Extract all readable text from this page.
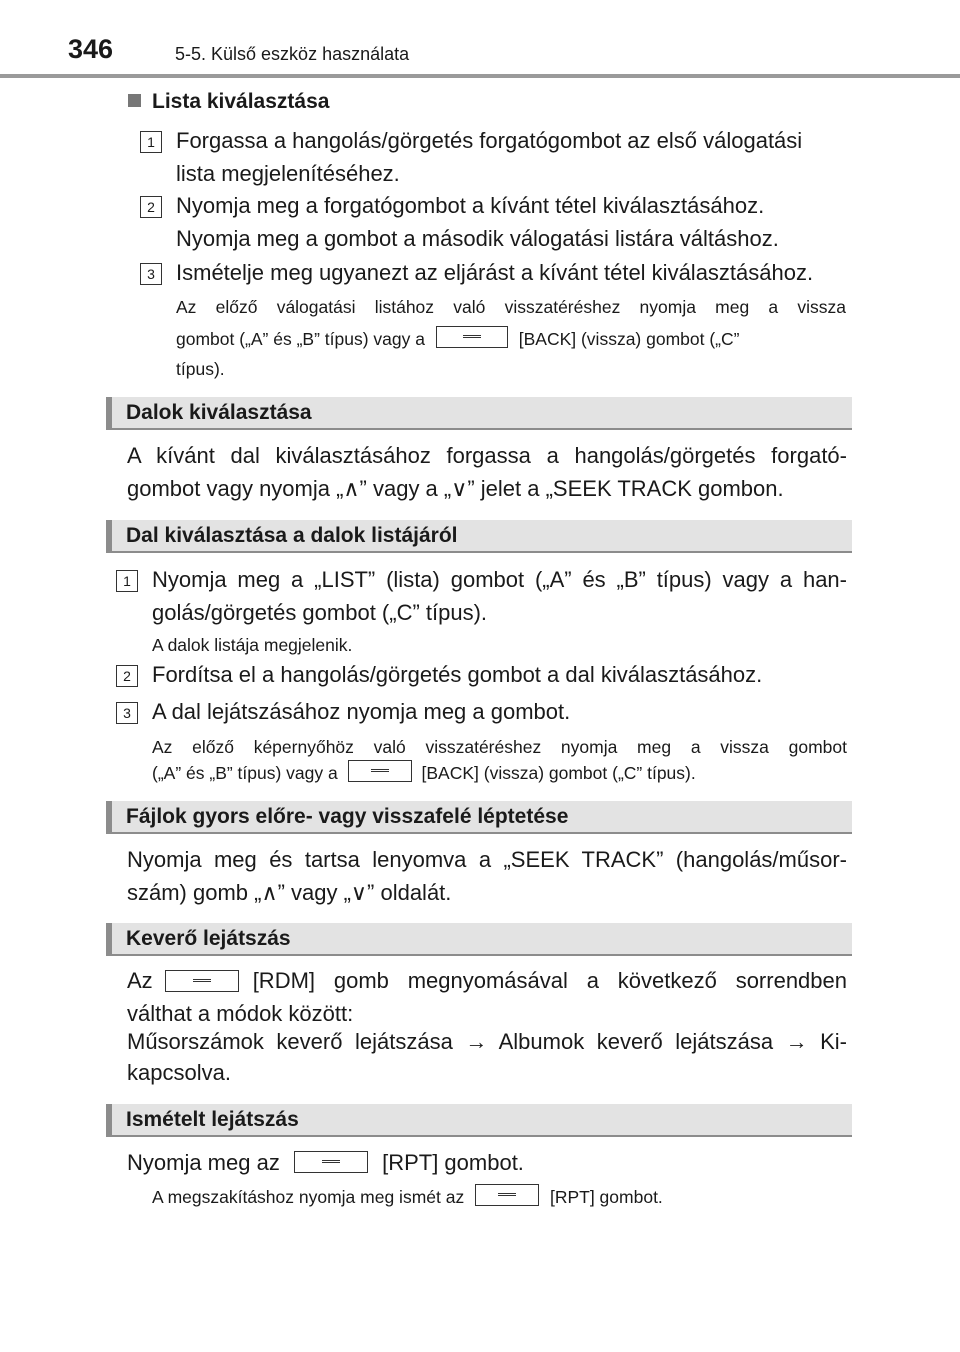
346	5-5. Külső eszköz használata
Lista kiválasztása
1 Forgassa a hangolás/görgetés forgatógombot az első válogatási
lista megjelenítéséhez.
2 Nyomja meg a forgatógombot a kívánt tétel kiválasztásához.
Nyomja meg a gombot a második válogatási listára váltáshoz.
3 Ismételje meg ugyanezt az eljárást a kívánt tétel kiválasztásához.
Az előző válogatási listához való visszatéréshez nyomja meg a vissza
gombot („A” és „B” típus) vagy a	[BACK] (vissza) gombot („C”
típus).
Dalok kiválasztása
A kívánt dal kiválasztásához forgassa a hangolás/görgetés forgató-
gombot vagy nyomja „∧” vagy a „∨” jelet a „SEEK TRACK gombon.
Dal kiválasztása a dalok listájáról
1 Nyomja meg a „LIST” (lista) gombot („A” és „B” típus) vagy a han-
golás/görgetés gombot („C” típus).
A dalok listája megjelenik.
2 Fordítsa el a hangolás/görgetés gombot a dal kiválasztásához.
3 A dal lejátszásához nyomja meg a gombot.
Az előző képernyőhöz való visszatéréshez nyomja meg a vissza gombot
(„A” és „B” típus) vagy a	[BACK] (vissza) gombot („C” típus).
Fájlok gyors előre- vagy visszafelé léptetése
Nyomja meg és tartsa lenyomva a „SEEK TRACK” (hangolás/műsor-
szám) gomb „∧” vagy „∨” oldalát.
Keverő lejátszás
Az	[RDM] gomb megnyomásával a következő sorrendben
válthat a módok között:
Műsorszámok keverő lejátszása → Albumok keverő lejátszása → Ki-
kapcsolva.
Ismételt lejátszás
Nyomja meg az	[RPT] gombot.
A megszakításhoz nyomja meg ismét az	[RPT] gombot.
